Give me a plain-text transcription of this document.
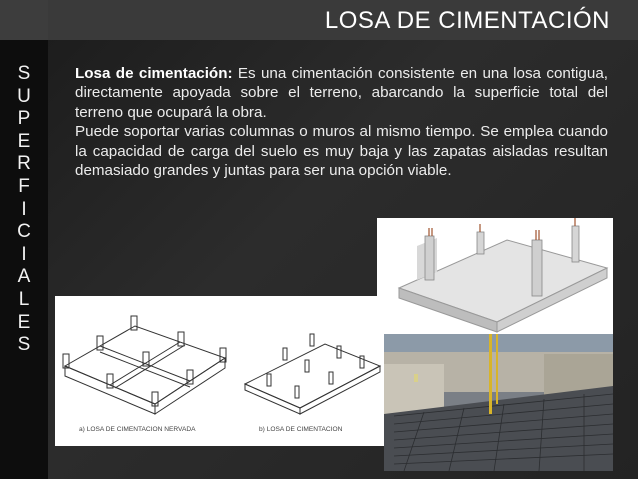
S
U
P
E
R
F
I
C
I
A
L
E
S
LOSA DE CIMENTACIÓN

Losa de cimentación: Es una cimentación consistente en una losa contigua, directamente apoyada sobre el terreno, abarcando la superficie total del terreno que ocupará la obra.

Puede soportar varias columnas o muros al mismo tiempo. Se emplea cuando la capacidad de carga del suelo es muy baja y las zapatas aisladas resultan demasiado grandes y juntas para ser una opción viable.

a) LOSA DE CIMENTACION NERVADA	b) LOSA DE CIMENTACION
